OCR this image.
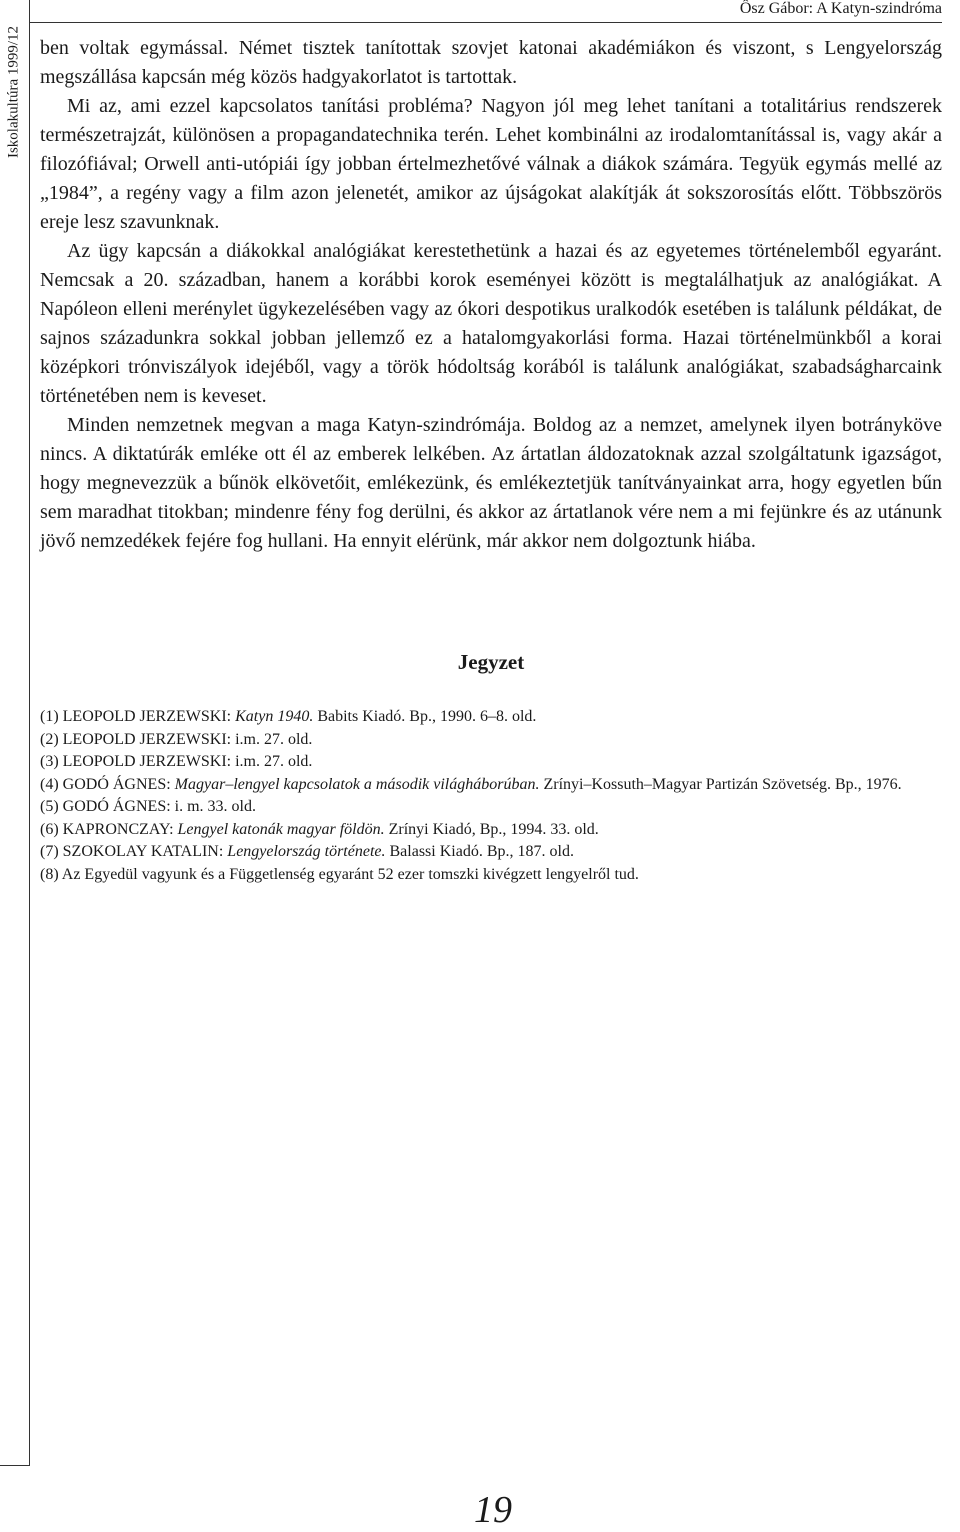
Iskolakultúra 1999/12
Ôsz Gábor: A Katyn-szindróma

ben voltak egymással. Német tisztek tanítottak szovjet katonai akadémiákon és viszont, s Lengyelország megszállása kapcsán még közös hadgyakorlatot is tartottak.

Mi az, ami ezzel kapcsolatos tanítási probléma? Nagyon jól meg lehet tanítani a totalitárius rendszerek természetrajzát, különösen a propagandatechnika terén. Lehet kombinálni az irodalomtanítással is, vagy akár a filozófiával; Orwell anti-utópiái így jobban értelmezhetővé válnak a diákok számára. Tegyük egymás mellé az „1984”, a regény vagy a film azon jelenetét, amikor az újságokat alakítják át sokszorosítás előtt. Többszörös ereje lesz szavunknak.

Az ügy kapcsán a diákokkal analógiákat kerestethetünk a hazai és az egyetemes történelemből egyaránt. Nemcsak a 20. században, hanem a korábbi korok eseményei között is megtalálhatjuk az analógiákat. A Napóleon elleni merénylet ügykezelésében vagy az ókori despotikus uralkodók esetében is találunk példákat, de sajnos századunkra sokkal jobban jellemző ez a hatalomgyakorlási forma. Hazai történelmünkből a korai középkori trónviszályok idejéből, vagy a török hódoltság korából is találunk analógiákat, szabadságharcaink történetében nem is keveset.

Minden nemzetnek megvan a maga Katyn-szindrómája. Boldog az a nemzet, amelynek ilyen botrányköve nincs. A diktatúrák emléke ott él az emberek lelkében. Az ártatlan áldozatoknak azzal szolgáltatunk igazságot, hogy megnevezzük a bűnök elkövetőit, emlékezünk, és emlékeztetjük tanítványainkat arra, hogy egyetlen bűn sem maradhat titokban; mindenre fény fog derülni, és akkor az ártatlanok vére nem a mi fejünkre és az utánunk jövő nemzedékek fejére fog hullani. Ha ennyit elérünk, már akkor nem dolgoztunk hiába.

Jegyzet
(1) LEOPOLD JERZEWSKI: Katyn 1940. Babits Kiadó. Bp., 1990. 6–8. old.
(2) LEOPOLD JERZEWSKI: i.m. 27. old.
(3) LEOPOLD JERZEWSKI: i.m. 27. old.
(4) GODÓ ÁGNES: Magyar–lengyel kapcsolatok a második világháborúban. Zrínyi–Kossuth–Magyar Partizán Szövetség. Bp., 1976.
(5) GODÓ ÁGNES: i. m. 33. old.
(6) KAPRONCZAY: Lengyel katonák magyar földön. Zrínyi Kiadó, Bp., 1994. 33. old.
(7) SZOKOLAY KATALIN: Lengyelország története. Balassi Kiadó. Bp., 187. old.
(8) Az Egyedül vagyunk és a Függetlenség egyaránt 52 ezer tomszki kivégzett lengyelről tud.
19
